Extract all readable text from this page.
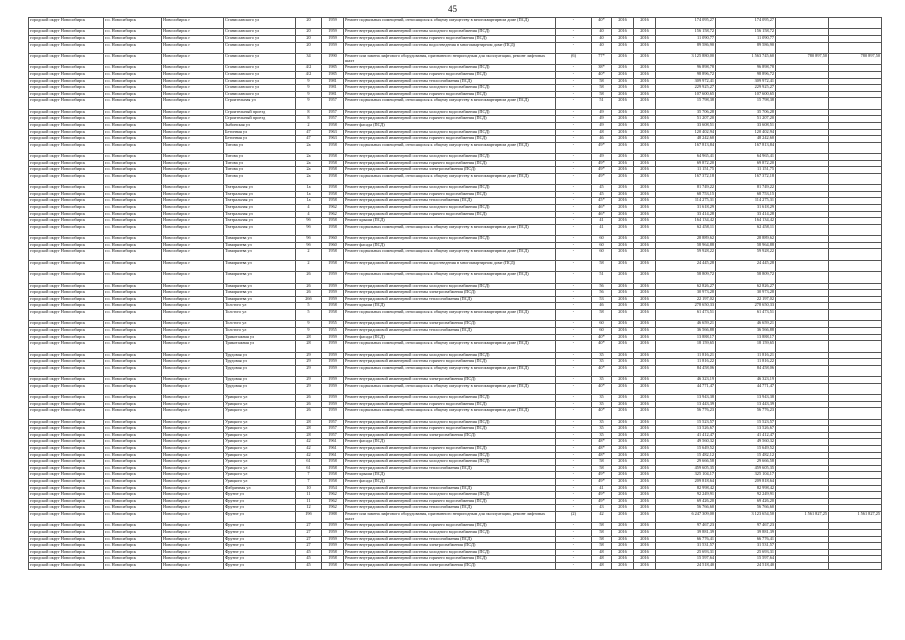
45
городской округ Новосибирск	г.о. Новосибирск	Новосибирск г	Станиславского ул	20	1959	Ремонт подвальных помещений, относящихся к общему имуществу в многоквартирном доме (ПСД)	-	40*	2016	2016	174 095,27	174 095,27		
городской округ Новосибирск	г.о. Новосибирск	Новосибирск г	Станиславского ул	20	1959	Ремонт внутридомовой инженерной системы холодного водоснабжения (ПСД)	-	40	2016	2016	156 158,72	156 158,72		
городской округ Новосибирск	г.о. Новосибирск	Новосибирск г	Станиславского ул	20	1959	Ремонт внутридомовой инженерной системы горячего водоснабжения (ПСД)	-	40	2016	2016	11 090,77	11 090,77		
городской округ Новосибирск	г.о. Новосибирск	Новосибирск г	Станиславского ул	20	1959	Ремонт внутридомовой инженерной системы водоотведения в многоквартирном доме (ПСД)	-	40	2016	2016	89 586,90	89 586,90		
городской округ Новосибирск	г.о. Новосибирск	Новосибирск г	Станиславского ул	34	1990	Ремонт или замена лифтового оборудования, признанного непригодным для эксплуатации, ремонт лифтовых шахт	(6)	77*	2016	2016	3 125 880,00	1 563 745,60	780 897,50	780 897,50
городской округ Новосибирск	г.о. Новосибирск	Новосибирск г	Станиславского ул	4/2	1985	Ремонт внутридомовой инженерной системы холодного водоснабжения (ПСД)	-	38*	2016	2016	96 898,78	96 898,78		
городской округ Новосибирск	г.о. Новосибирск	Новосибирск г	Станиславского ул	4/2	1985	Ремонт внутридомовой инженерной системы горячего водоснабжения (ПСД)	-	40*	2016	2016	98 896,72	98 896,72		
городской округ Новосибирск	г.о. Новосибирск	Новосибирск г	Станиславского ул	9	1981	Ремонт внутридомовой инженерной системы теплоснабжения (ПСД)	-	58	2016	2016	309 972,41	309 972,41		
городской округ Новосибирск	г.о. Новосибирск	Новосибирск г	Станиславского ул	9	1981	Ремонт внутридомовой инженерной системы холодного водоснабжения (ПСД)	-	58	2016	2016	229 925,27	229 925,27		
городской округ Новосибирск	г.о. Новосибирск	Новосибирск г	Станиславского ул	9	1981	Ремонт внутридомовой инженерной системы горячего водоснабжения (ПСД)	-	58	2016	2016	107 600,65	107 600,65		
городской округ Новосибирск	г.о. Новосибирск	Новосибирск г	Строительная ул	9	1957	Ремонт подвальных помещений, относящихся к общему имуществу в многоквартирном доме (ПСД)	-	51	2016	2016	15 798,38	15 798,38		
городской округ Новосибирск	г.о. Новосибирск	Новосибирск г	Строительный проезд	8	1957	Ремонт внутридомовой инженерной системы холодного водоснабжения (ПСД)	-	49	2016	2016	35 706,28	35 706,28		
городской округ Новосибирск	г.о. Новосибирск	Новосибирск г	Строительный проезд	8	1957	Ремонт внутридомовой инженерной системы горячего водоснабжения (ПСД)	-	49	2016	2016	51 207,20	51 207,20		
городской округ Новосибирск	г.о. Новосибирск	Новосибирск г	Зыбинская ул	2	1958	Ремонт фасада (ПСД)	-	49	2016	2016	33 608,51	33 608,51		
городской округ Новосибирск	г.о. Новосибирск	Новосибирск г	Бетонная ул	47	1963	Ремонт внутридомовой инженерной системы холодного водоснабжения (ПСД)	-	48	2016	2016	120 402,94	120 402,94		
городской округ Новосибирск	г.о. Новосибирск	Новосибирск г	Бетонная ул	47	1963	Ремонт внутридомовой инженерной системы горячего водоснабжения (ПСД)	-	46	2016	2016	48 242,60	48 242,60		
городской округ Новосибирск	г.о. Новосибирск	Новосибирск г	Титова ул	2а	1958	Ремонт подвальных помещений, относящихся к общему имуществу в многоквартирном доме (ПСД)	-	49*	2016	2016	167 813,84	167 813,84		
городской округ Новосибирск	г.о. Новосибирск	Новосибирск г	Титова ул	2а	1958	Ремонт внутридомовой инженерной системы холодного водоснабжения (ПСД)	-	49	2016	2016	64 965,41	64 965,41		
городской округ Новосибирск	г.о. Новосибирск	Новосибирск г	Титова ул	2а	1958	Ремонт внутридомовой инженерной системы горячего водоснабжения (ПСД)	-	49*	2016	2016	69 872,20	69 872,20		
городской округ Новосибирск	г.о. Новосибирск	Новосибирск г	Титова ул	2а	1958	Ремонт внутридомовой инженерной системы электроснабжения (ПСД)	-	49*	2016	2016	11 151,75	11 151,75		
городской округ Новосибирск	г.о. Новосибирск	Новосибирск г	Титова ул	2а	1958	Ремонт подвальных помещений, относящихся к общему имуществу в многоквартирном доме (ПСД)	-	49*	2016	2016	167 372,18	167 372,18		
городской округ Новосибирск	г.о. Новосибирск	Новосибирск г	Театральная ул	1а	1958	Ремонт внутридомовой инженерной системы холодного водоснабжения (ПСД)	-	45	2016	2016	81 749,22	81 749,22		
городской округ Новосибирск	г.о. Новосибирск	Новосибирск г	Театральная ул	1а	1958	Ремонт внутридомовой инженерной системы горячего водоснабжения (ПСД)	-	45	2016	2016	68 753,15	68 753,15		
городской округ Новосибирск	г.о. Новосибирск	Новосибирск г	Театральная ул	1а	1958	Ремонт внутридомовой инженерной системы теплоснабжения (ПСД)	-	45*	2016	2016	114 275,31	114 275,31		
городской округ Новосибирск	г.о. Новосибирск	Новосибирск г	Театральная ул	4	1962	Ремонт внутридомовой инженерной системы холодного водоснабжения (ПСД)	-	46*	2016	2016	31 618,29	31 618,29		
городской округ Новосибирск	г.о. Новосибирск	Новосибирск г	Театральная ул	4	1962	Ремонт внутридомовой инженерной системы горячего водоснабжения (ПСД)	-	46*	2016	2016	33 414,28	33 414,28		
городской округ Новосибирск	г.о. Новосибирск	Новосибирск г	Театральная ул	9б	1958	Ремонт крыши (ПСД)	-	41	2016	2016	164 134,42	164 134,42		
городской округ Новосибирск	г.о. Новосибирск	Новосибирск г	Театральная ул	9б	1958	Ремонт подвальных помещений, относящихся к общему имуществу в многоквартирном доме (ПСД)	-	41	2016	2016	62 458,11	62 458,11		
городской округ Новосибирск	г.о. Новосибирск	Новосибирск г	Тимирязева ул	9б	1960	Ремонт внутридомовой инженерной системы холодного водоснабжения (ПСД)	-	60	2016	2016	28 889,62	28 889,62		
городской округ Новосибирск	г.о. Новосибирск	Новосибирск г	Тимирязева ул	9б	1960	Ремонт фасада (ПСД)	-	60	2016	2016	58 964,88	58 964,88		
городской округ Новосибирск	г.о. Новосибирск	Новосибирск г	Тимирязева ул	2	1958	Ремонт подвальных помещений, относящихся к общему имуществу в многоквартирном доме (ПСД)	-	60	2016	2016	59 928,22	59 928,22		
городской округ Новосибирск	г.о. Новосибирск	Новосибирск г	Тимирязева ул	2	1958	Ремонт внутридомовой инженерной системы водоотведения в многоквартирном доме (ПСД)	-	58	2016	2016	24 445,28	24 445,28		
городской округ Новосибирск	г.о. Новосибирск	Новосибирск г	Тимирязева ул	26	1959	Ремонт подвальных помещений, относящихся к общему имуществу в многоквартирном доме (ПСД)	-	51	2016	2016	58 809,72	58 809,72		
городской округ Новосибирск	г.о. Новосибирск	Новосибирск г	Тимирязева ул	26	1959	Ремонт внутридомовой инженерной системы холодного водоснабжения (ПСД)	-	56	2016	2016	62 826,27	62 826,27		
городской округ Новосибирск	г.о. Новосибирск	Новосибирск г	Тимирязева ул	26	1959	Ремонт внутридомовой инженерной системы электроснабжения (ПСД)	-	56	2016	2016	30 973,28	30 973,28		
городской округ Новосибирск	г.о. Новосибирск	Новосибирск г	Тимирязева ул	26б	1959	Ремонт внутридомовой инженерной системы теплоснабжения (ПСД)	-	53	2016	2016	22 197,02	22 197,02		
городской округ Новосибирск	г.о. Новосибирск	Новосибирск г	Толстого ул	5	1958	Ремонт крыши (ПСД)	-	46	2016	2016	278 650,33	278 650,33		
городской округ Новосибирск	г.о. Новосибирск	Новосибирск г	Толстого ул	5	1958	Ремонт подвальных помещений, относящихся к общему имуществу в многоквартирном доме (ПСД)	-	58	2016	2016	61 473,51	61 473,51		
городской округ Новосибирск	г.о. Новосибирск	Новосибирск г	Толстого ул	9	1955	Ремонт внутридомовой инженерной системы электроснабжения (ПСД)	-	60	2016	2016	46 659,21	46 659,21		
городской округ Новосибирск	г.о. Новосибирск	Новосибирск г	Толстого ул	9	1955	Ремонт внутридомовой инженерной системы теплоснабжения (ПСД)	-	60	2016	2016	36 566,88	36 566,88		
городской округ Новосибирск	г.о. Новосибирск	Новосибирск г	Трикотажная ул	28	1959	Ремонт фасада (ПСД)	-	40*	2016	2016	13 888,17	13 888,17		
городской округ Новосибирск	г.о. Новосибирск	Новосибирск г	Трикотажная ул	28	1959	Ремонт подвальных помещений, относящихся к общему имуществу в многоквартирном доме (ПСД)	-	40*	2016	2016	18 159,65	18 159,65		
городской округ Новосибирск	г.о. Новосибирск	Новосибирск г	Трудовая ул	29	1959	Ремонт внутридомовой инженерной системы холодного водоснабжения (ПСД)	-	35	2016	2016	11 816,21	11 816,21		
городской округ Новосибирск	г.о. Новосибирск	Новосибирск г	Трудовая ул	29	1959	Ремонт внутридомовой инженерной системы горячего водоснабжения (ПСД)	-	35	2016	2016	11 816,22	11 816,22		
городской округ Новосибирск	г.о. Новосибирск	Новосибирск г	Трудовая ул	29	1959	Ремонт подвальных помещений, относящихся к общему имуществу в многоквартирном доме (ПСД)	-	40*	2016	2016	84 458,06	84 458,06		
городской округ Новосибирск	г.о. Новосибирск	Новосибирск г	Трудовая ул	29	1959	Ремонт внутридомовой инженерной системы электроснабжения (ПСД)	-	35	2016	2016	46 323,19	46 323,19		
городской округ Новосибирск	г.о. Новосибирск	Новосибирск г	Трудовая ул	29	1959	Ремонт подвальных помещений, относящихся к общему имуществу в многоквартирном доме (ПСД)	-	40*	2016	2016	44 771,47	44 771,47		
городской округ Новосибирск	г.о. Новосибирск	Новосибирск г	Урицкого ул	26	1959	Ремонт внутридомовой инженерной системы холодного водоснабжения (ПСД)	-	35	2016	2016	13 943,38	13 943,38		
городской округ Новосибирск	г.о. Новосибирск	Новосибирск г	Урицкого ул	26	1959	Ремонт внутридомовой инженерной системы горячего водоснабжения (ПСД)	-	35	2016	2016	13 443,39	13 443,39		
городской округ Новосибирск	г.о. Новосибирск	Новосибирск г	Урицкого ул	26	1959	Ремонт подвальных помещений, относящихся к общему имуществу в многоквартирном доме (ПСД)	-	40*	2016	2016	56 776,23	56 776,23		
городской округ Новосибирск	г.о. Новосибирск	Новосибирск г	Урицкого ул	28	1957	Ремонт внутридомовой инженерной системы холодного водоснабжения (ПСД)	-	35	2016	2016	15 523,57	15 523,57		
городской округ Новосибирск	г.о. Новосибирск	Новосибирск г	Урицкого ул	28	1957	Ремонт внутридомовой инженерной системы горячего водоснабжения (ПСД)	-	35	2016	2016	13 526,67	13 526,67		
городской округ Новосибирск	г.о. Новосибирск	Новосибирск г	Урицкого ул	28	1957	Ремонт внутридомовой инженерной системы электроснабжения (ПСД)	-	35	2016	2016	41 412,47	41 412,47		
городской округ Новосибирск	г.о. Новосибирск	Новосибирск г	Урицкого ул	42	1961	Ремонт фасада (ПСД)	-	48*	2016	2016	49 560,32	49 560,32		
городской округ Новосибирск	г.о. Новосибирск	Новосибирск г	Урицкого ул	42	1961	Ремонт внутридомовой инженерной системы горячего водоснабжения (ПСД)	-	48*	2016	2016	15 649,52	15 649,52		
городской округ Новосибирск	г.о. Новосибирск	Новосибирск г	Урицкого ул	42	1961	Ремонт внутридомовой инженерной системы холодного водоснабжения (ПСД)	-	48*	2016	2016	15 482,12	15 482,12		
городской округ Новосибирск	г.о. Новосибирск	Новосибирск г	Урицкого ул	61	1958	Ремонт внутридомовой инженерной системы холодного водоснабжения (ПСД)	-	58	2016	2016	29 666,58	29 666,58		
городской округ Новосибирск	г.о. Новосибирск	Новосибирск г	Урицкого ул	61	1958	Ремонт внутридомовой инженерной системы теплоснабжения (ПСД)	-	58	2016	2016	459 605,35	459 605,35		
городской округ Новосибирск	г.о. Новосибирск	Новосибирск г	Урицкого ул	7	1958	Ремонт крыши (ПСД)	-	49*	2016	2016	325 104,17	325 104,17		
городской округ Новосибирск	г.о. Новосибирск	Новосибирск г	Урицкого ул	7	1958	Ремонт фасада (ПСД)	-	49*	2016	2016	209 818,64	209 818,64		
городской округ Новосибирск	г.о. Новосибирск	Новосибирск г	Фабричная ул	10	1954	Ремонт внутридомовой инженерной системы теплоснабжения (ПСД)	-	41	2016	2016	82 998,42	82 998,42		
городской округ Новосибирск	г.о. Новосибирск	Новосибирск г	Фрунзе ул	11	1962	Ремонт внутридомовой инженерной системы холодного водоснабжения (ПСД)	-	49*	2016	2016	92 249,91	92 249,91		
городской округ Новосибирск	г.о. Новосибирск	Новосибирск г	Фрунзе ул	11	1962	Ремонт внутридомовой инженерной системы горячего водоснабжения (ПСД)	-	49*	2016	2016	69 426,20	69 426,20		
городской округ Новосибирск	г.о. Новосибирск	Новосибирск г	Фрунзе ул	12	1962	Ремонт внутридомовой инженерной системы теплоснабжения (ПСД)	-	43	2016	2016	56 766,60	56 766,60		
городской округ Новосибирск	г.о. Новосибирск	Новосибирск г	Фрунзе ул	19б	1988	Ремонт или замена лифтового оборудования, признанного непригодным для эксплуатации, ремонт лифтовых шахт	(2)	42	2016	2016	6 247 309,00	3 123 654,50	1 561 827,25	1 561 827,25
городской округ Новосибирск	г.о. Новосибирск	Новосибирск г	Фрунзе ул	27	1959	Ремонт внутридомовой инженерной системы горячего водоснабжения (ПСД)	-	58	2016	2016	97 467,23	97 467,23		
городской округ Новосибирск	г.о. Новосибирск	Новосибирск г	Фрунзе ул	27	1959	Ремонт внутридомовой инженерной системы холодного водоснабжения (ПСД)	-	58	2016	2016	39 881,39	39 881,39		
городской округ Новосибирск	г.о. Новосибирск	Новосибирск г	Фрунзе ул	27	1959	Ремонт внутридомовой инженерной системы теплоснабжения (ПСД)	-	58	2016	2016	66 776,41	66 776,41		
городской округ Новосибирск	г.о. Новосибирск	Новосибирск г	Фрунзе ул	27	1959	Ремонт внутридомовой инженерной системы электроснабжения (ПСД)	-	58	2016	2016	31 531,57	31 531,57		
городской округ Новосибирск	г.о. Новосибирск	Новосибирск г	Фрунзе ул	45	1958	Ремонт внутридомовой инженерной системы холодного водоснабжения (ПСД)	-	48	2016	2016	25 693,31	25 693,31		
городской округ Новосибирск	г.о. Новосибирск	Новосибирск г	Фрунзе ул	45	1958	Ремонт внутридомовой инженерной системы горячего водоснабжения (ПСД)	-	48	2016	2016	15 597,64	15 597,64		
городской округ Новосибирск	г.о. Новосибирск	Новосибирск г	Фрунзе ул	45	1958	Ремонт внутридомовой инженерной системы электроснабжения (ПСД)	-	48	2016	2016	24 518,40	24 518,40		
